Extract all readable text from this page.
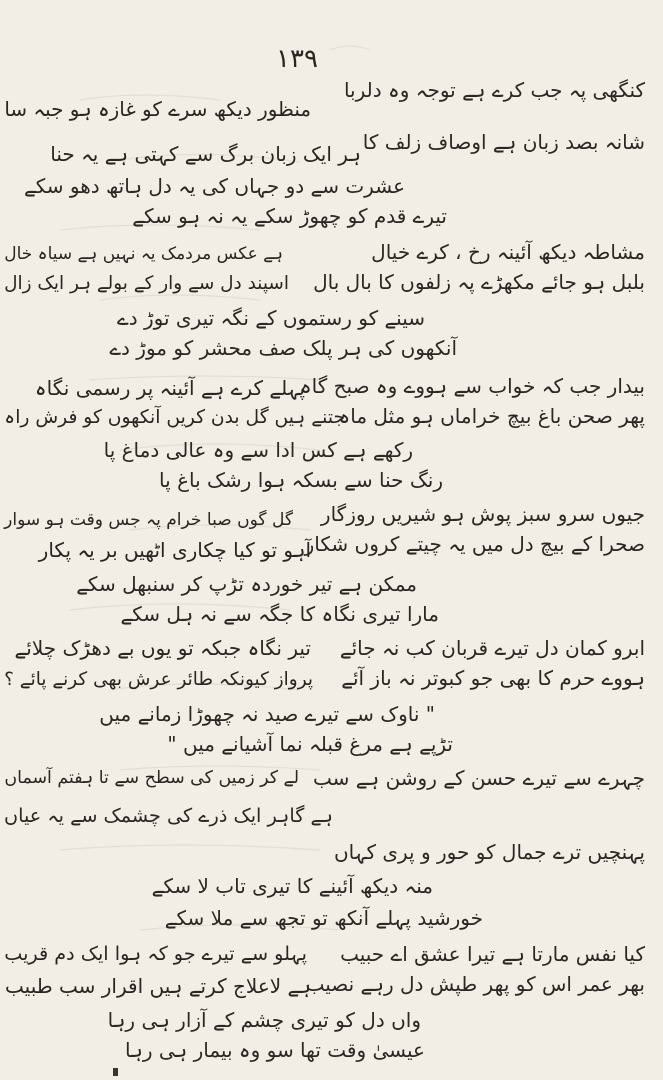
۱۳۹
کنگھی پہ جب کرے ہے توجہ وہ دلربا
منظور دیکھ سرے کو غازہ ہو جبہ سا
شانہ بصد زبان ہے اوصاف زلف کا
ہر ایک زبان برگ سے کہتی ہے یہ حنا
عشرت سے دو جہاں کی یہ دل ہاتھ دھو سکے
تیرے قدم کو چھوڑ سکے یہ نہ ہو سکے
مشاطہ دیکھ آئینہ رخ ، کرے خیال
ہے عکس مردمک یہ نہیں ہے سیاہ خال
بلبل ہو جائے مکھڑے پہ زلفوں کا بال بال
اسپند دل سے وار کے بولے ہر ایک زال
سینے کو رستموں کے نگہ تیری توڑ دے
آنکھوں کی ہر پلک صف محشر کو موڑ دے
بیدار جب کہ خواب سے ہووے وہ صبح گاہ
پہلے کرے ہے آئینہ پر رسمی نگاہ
پھر صحن باغ بیچ خراماں ہو مثل ماہ
جتنے ہیں گل بدن کریں آنکھوں کو فرش راہ
رکھے ہے کس ادا سے وہ عالی دماغ پا
رنگ حنا سے بسکہ ہوا رشک باغ پا
جیوں سرو سبز پوش ہو شیریں روزگار
گل گوں صبا خرام پہ جس وقت ہو سوار
صحرا کے بیچ دل میں یہ چیتے کروں شکار
آہو تو کیا چکاری اٹھیں بر یہ پکار
ممکن ہے تیر خوردہ تڑپ کر سنبھل سکے
مارا تیری نگاہ کا جگہ سے نہ ہل سکے
ابرو کمان دل تیرے قربان کب نہ جائے
تیر نگاہ جبکہ تو یوں بے دھڑک چلائے
ہووے حرم کا بھی جو کبوتر نہ باز آئے
پرواز کیونکہ طائر عرش بھی کرنے پائے ؟
" ناوک سے تیرے صید نہ چھوڑا زمانے میں
تڑپے ہے مرغ قبلہ نما آشیانے میں "
چہرے سے تیرے حسن کے روشن ہے سب
لے کر زمیں کی سطح سے تا ہفتم آسماں
ہے گاہر ایک ذرے کی چشمک سے یہ عیاں
پہنچیں ترے جمال کو حور و پری کہاں
منہ دیکھ آئینے کا تیری تاب لا سکے
خورشید پہلے آنکھ تو تجھ سے ملا سکے
کیا نفس مارتا ہے تیرا عشق اے حبیب
پہلو سے تیرے جو کہ ہوا ایک دم قریب
بھر عمر اس کو پھر طپش دل رہے نصیب
ہے لاعلاج کرتے ہیں اقرار سب طبیب
واں دل کو تیری چشم کے آزار ہی رہا
عیسیٰ وقت تھا سو وہ بیمار ہی رہا
